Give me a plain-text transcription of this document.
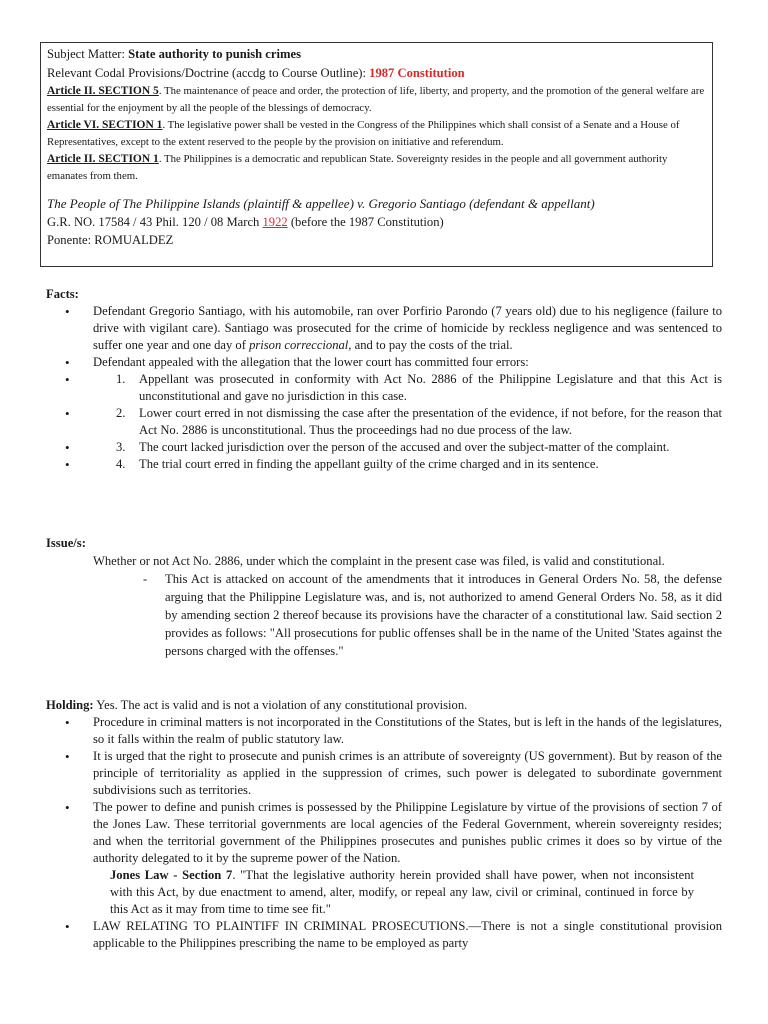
Subject Matter: State authority to punish crimes
Relevant Codal Provisions/Doctrine (accdg to Course Outline): 1987 Constitution
Article II. SECTION 5. The maintenance of peace and order, the protection of life, liberty, and property, and the promotion of the general welfare are essential for the enjoyment by all the people of the blessings of democracy.
Article VI. SECTION 1. The legislative power shall be vested in the Congress of the Philippines which shall consist of a Senate and a House of Representatives, except to the extent reserved to the people by the provision on initiative and referendum.
Article II. SECTION 1. The Philippines is a democratic and republican State. Sovereignty resides in the people and all government authority emanates from them.
The People of The Philippine Islands (plaintiff & appellee) v. Gregorio Santiago (defendant & appellant)
G.R. NO. 17584 / 43 Phil. 120 / 08 March 1922 (before the 1987 Constitution)
Ponente: ROMUALDEZ
Facts:
• Defendant Gregorio Santiago, with his automobile, ran over Porfirio Parondo (7 years old) due to his negligence (failure to drive with vigilant care). Santiago was prosecuted for the crime of homicide by reckless negligence and was sentenced to suffer one year and one day of prison correccional, and to pay the costs of the trial.
• Defendant appealed with the allegation that the lower court has committed four errors:
• 1. Appellant was prosecuted in conformity with Act No. 2886 of the Philippine Legislature and that this Act is unconstitutional and gave no jurisdiction in this case.
• 2. Lower court erred in not dismissing the case after the presentation of the evidence, if not before, for the reason that Act No. 2886 is unconstitutional. Thus the proceedings had no due process of the law.
• 3. The court lacked jurisdiction over the person of the accused and over the subject-matter of the complaint.
• 4. The trial court erred in finding the appellant guilty of the crime charged and in its sentence.
Issue/s:
Whether or not Act No. 2886, under which the complaint in the present case was filed, is valid and constitutional.
- This Act is attacked on account of the amendments that it introduces in General Orders No. 58, the defense arguing that the Philippine Legislature was, and is, not authorized to amend General Orders No. 58, as it did by amending section 2 thereof because its provisions have the character of a constitutional law. Said section 2 provides as follows: "All prosecutions for public offenses shall be in the name of the United 'States against the persons charged with the offenses."
Holding: Yes. The act is valid and is not a violation of any constitutional provision.
• Procedure in criminal matters is not incorporated in the Constitutions of the States, but is left in the hands of the legislatures, so it falls within the realm of public statutory law.
• It is urged that the right to prosecute and punish crimes is an attribute of sovereignty (US government). But by reason of the principle of territoriality as applied in the suppression of crimes, such power is delegated to subordinate government subdivisions such as territories.
• The power to define and punish crimes is possessed by the Philippine Legislature by virtue of the provisions of section 7 of the Jones Law. These territorial governments are local agencies of the Federal Government, wherein sovereignty resides; and when the territorial government of the Philippines prosecutes and punishes public crimes it does so by virtue of the authority delegated to it by the supreme power of the Nation.
Jones Law - Section 7. "That the legislative authority herein provided shall have power, when not inconsistent with this Act, by due enactment to amend, alter, modify, or repeal any law, civil or criminal, continued in force by this Act as it may from time to time see fit."
• LAW RELATING TO PLAINTIFF IN CRIMINAL PROSECUTIONS.—There is not a single constitutional provision applicable to the Philippines prescribing the name to be employed as party
